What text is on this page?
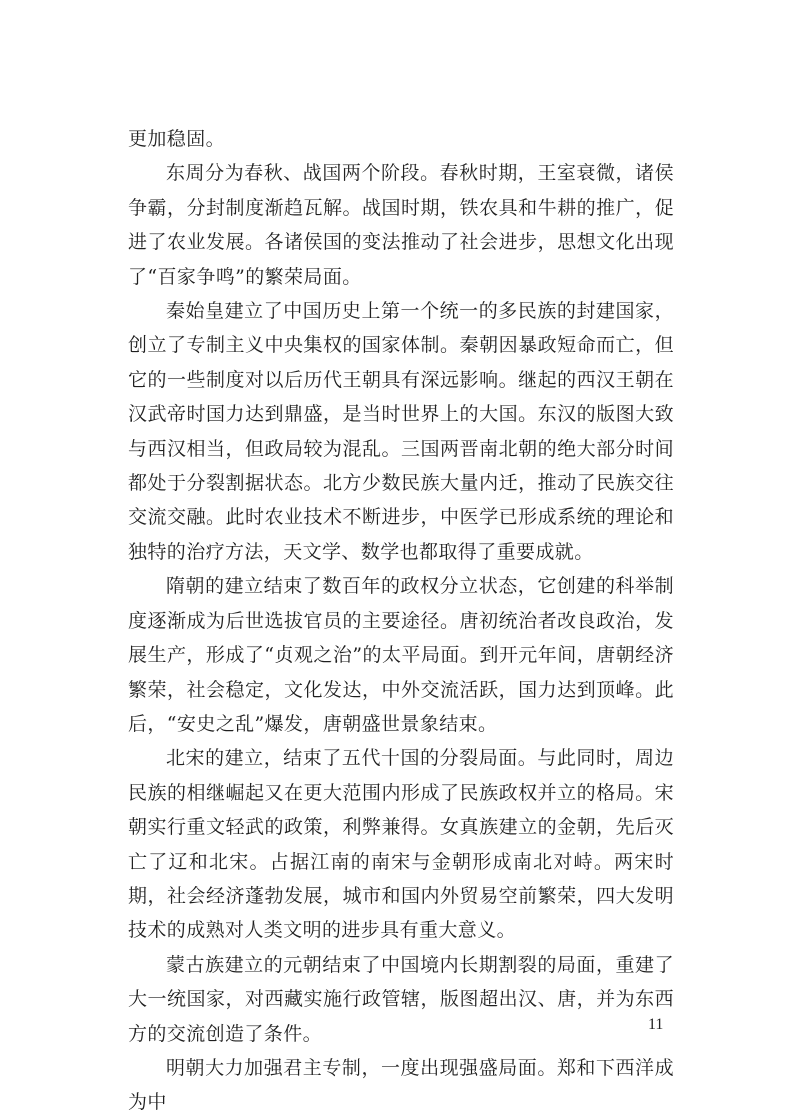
更加稳固。

东周分为春秋、战国两个阶段。春秋时期，王室衰微，诸侯争霸，分封制度渐趋瓦解。战国时期，铁农具和牛耕的推广，促进了农业发展。各诸侯国的变法推动了社会进步，思想文化出现了“百家争鸣”的繁荣局面。

秦始皇建立了中国历史上第一个统一的多民族的封建国家，创立了专制主义中央集权的国家体制。秦朝因暴政短命而亡，但它的一些制度对以后历代王朝具有深远影响。继起的西汉王朝在汉武帝时国力达到鼎盛，是当时世界上的大国。东汉的版图大致与西汉相当，但政局较为混乱。三国两晋南北朝的绝大部分时间都处于分裂割据状态。北方少数民族大量内迁，推动了民族交往交流交融。此时农业技术不断进步，中医学已形成系统的理论和独特的治疗方法，天文学、数学也都取得了重要成就。

隋朝的建立结束了数百年的政权分立状态，它创建的科举制度逐渐成为后世选拔官员的主要途径。唐初统治者改良政治，发展生产，形成了“贞观之治”的太平局面。到开元年间，唐朝经济繁荣，社会稳定，文化发达，中外交流活跃，国力达到顶峰。此后，“安史之乱”爆发，唐朝盛世景象结束。

北宋的建立，结束了五代十国的分裂局面。与此同时，周边民族的相继崛起又在更大范围内形成了民族政权并立的格局。宋朝实行重文轻武的政策，利弊兼得。女真族建立的金朝，先后灭亡了辽和北宋。占据江南的南宋与金朝形成南北对峙。两宋时期，社会经济蓬勃发展，城市和国内外贸易空前繁荣，四大发明技术的成熟对人类文明的进步具有重大意义。

蒙古族建立的元朝结束了中国境内长期割裂的局面，重建了大一统国家，对西藏实施行政管辖，版图超出汉、唐，并为东西方的交流创造了条件。

明朝大力加强君主专制，一度出现强盛局面。郑和下西洋成为中

11
